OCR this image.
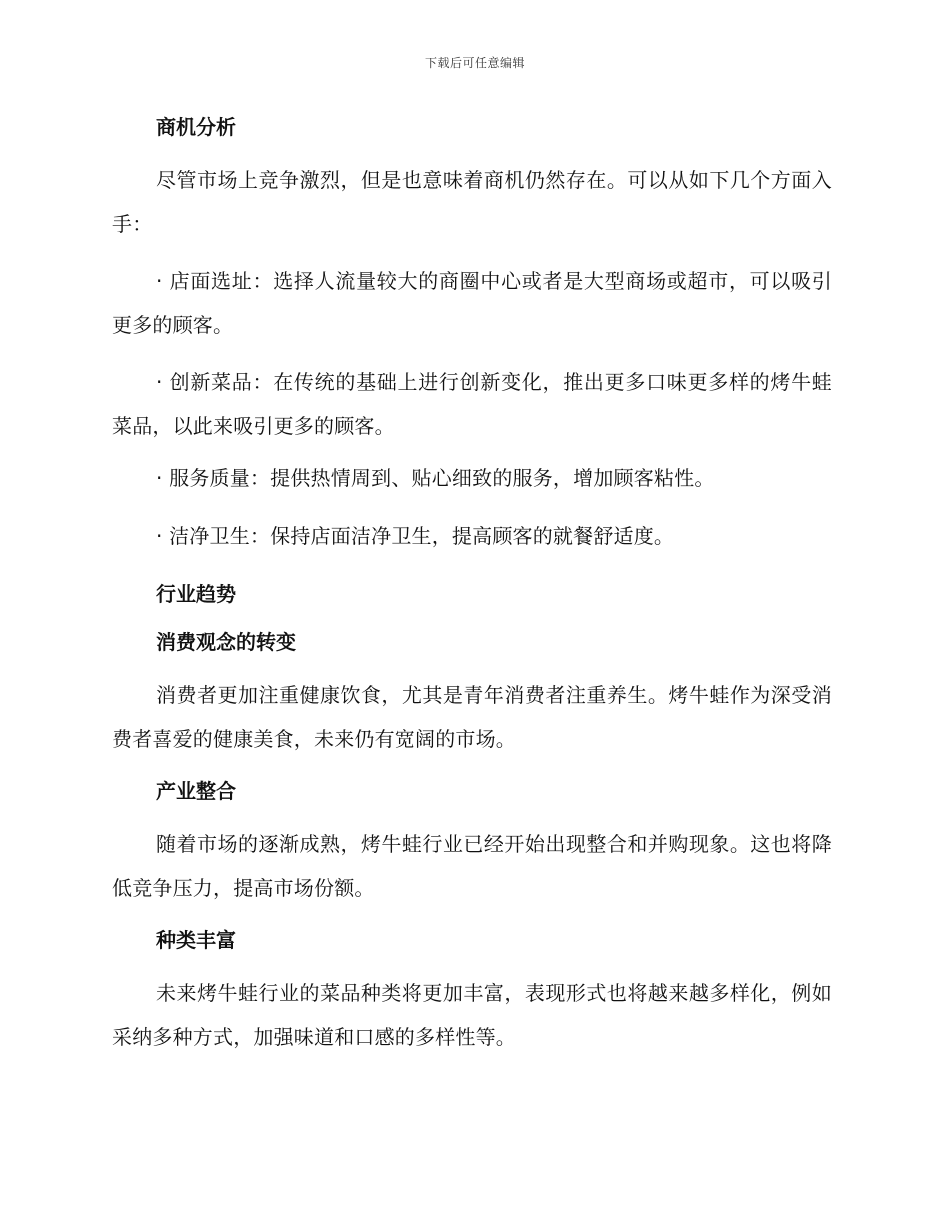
下载后可任意编辑
商机分析
尽管市场上竞争激烈，但是也意味着商机仍然存在。可以从如下几个方面入手：
· 店面选址：选择人流量较大的商圈中心或者是大型商场或超市，可以吸引更多的顾客。
· 创新菜品：在传统的基础上进行创新变化，推出更多口味更多样的烤牛蛙菜品，以此来吸引更多的顾客。
· 服务质量：提供热情周到、贴心细致的服务，增加顾客粘性。
· 洁净卫生：保持店面洁净卫生，提高顾客的就餐舒适度。
行业趋势
消费观念的转变
消费者更加注重健康饮食，尤其是青年消费者注重养生。烤牛蛙作为深受消费者喜爱的健康美食，未来仍有宽阔的市场。
产业整合
随着市场的逐渐成熟，烤牛蛙行业已经开始出现整合和并购现象。这也将降低竞争压力，提高市场份额。
种类丰富
未来烤牛蛙行业的菜品种类将更加丰富，表现形式也将越来越多样化，例如采纳多种方式，加强味道和口感的多样性等。
